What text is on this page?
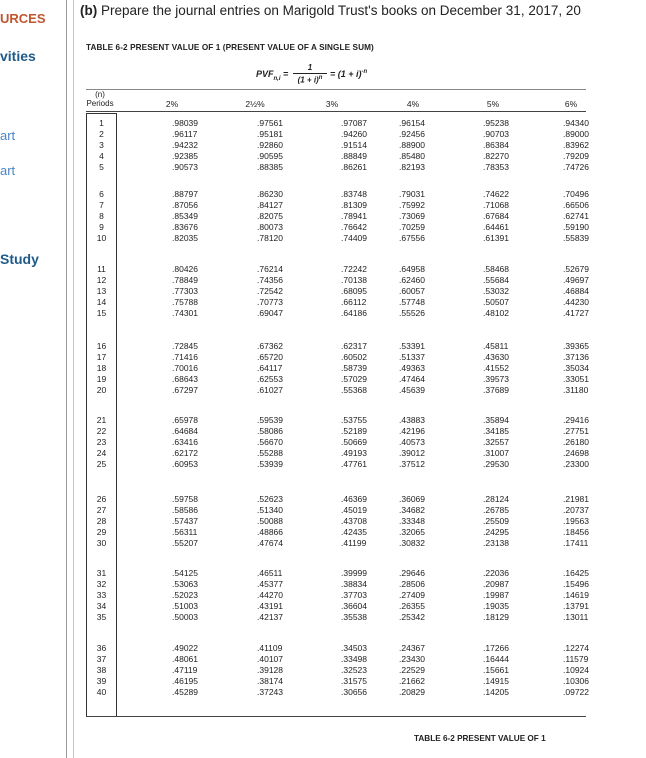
URCES
vities
art
art
Study
(b) Prepare the journal entries on Marigold Trust's books on December 31, 2017, 20
TABLE 6-2 PRESENT VALUE OF 1 (PRESENT VALUE OF A SINGLE SUM)
$PVF_{n,i}$ =
1
$(1 + i)^n = (1 + i)^{-n}$
(n)
Periods	2%	2½%	3%	4%	5%	6%
1	.98039	.97561	.97087	.96154	.95238	.94340
2	.96117	.95181	.94260	.92456	.90703	.89000
3	.94232	.92860	.91514	.88900	.86384	.83962
4	.92385	.90595	.88849	.85480	.82270	.79209
5	.90573	.88385	.86261	.82193	.78353	.74726
6	.88797	.86230	.83748	.79031	.74622	.70496
7	.87056	.84127	.81309	.75992	.71068	.66506
8	.85349	.82075	.78941	.73069	.67684	.62741
9	.83676	.80073	.76642	.70259	.64461	.59190
10	.82035	.78120	.74409	.67556	.61391	.55839
11	.80426	.76214	.72242	.64958	.58468	.52679
12	.78849	.74356	.70138	.62460	.55684	.49697
13	.77303	.72542	.68095	.60057	.53032	.46884
14	.75788	.70773	.66112	.57748	.50507	.44230
15	.74301	.69047	.64186	.55526	.48102	.41727
16	.72845	.67362	.62317	.53391	.45811	.39365
17	.71416	.65720	.60502	.51337	.43630	.37136
18	.70016	.64117	.58739	.49363	.41552	.35034
19	.68643	.62553	.57029	.47464	.39573	.33051
20	.67297	.61027	.55368	.45639	.37689	.31180
21	.65978	.59539	.53755	.43883	.35894	.29416
22	.64684	.58086	.52189	.42196	.34185	.27751
23	.63416	.56670	.50669	.40573	.32557	.26180
24	.62172	.55288	.49193	.39012	.31007	.24698
25	.60953	.53939	.47761	.37512	.29530	.23300
26	.59758	.52623	.46369	.36069	.28124	.21981
27	.58586	.51340	.45019	.34682	.26785	.20737
28	.57437	.50088	.43708	.33348	.25509	.19563
29	.56311	.48866	.42435	.32065	.24295	.18456
30	.55207	.47674	.41199	.30832	.23138	.17411
31	.54125	.46511	.39999	.29646	.22036	.16425
32	.53063	.45377	.38834	.28506	.20987	.15496
33	.52023	.44270	.37703	.27409	.19987	.14619
34	.51003	.43191	.36604	.26355	.19035	.13791
35	.50003	.42137	.35538	.25342	.18129	.13011
36	.49022	.41109	.34503	.24367	.17266	.12274
37	.48061	.40107	.33498	.23430	.16444	.11579
38	.47119	.39128	.32523	.22529	.15661	.10924
39	.46195	.38174	.31575	.21662	.14915	.10306
40	.45289	.37243	.30656	.20829	.14205	.09722
TABLE 6-2 PRESENT VALUE OF 1
